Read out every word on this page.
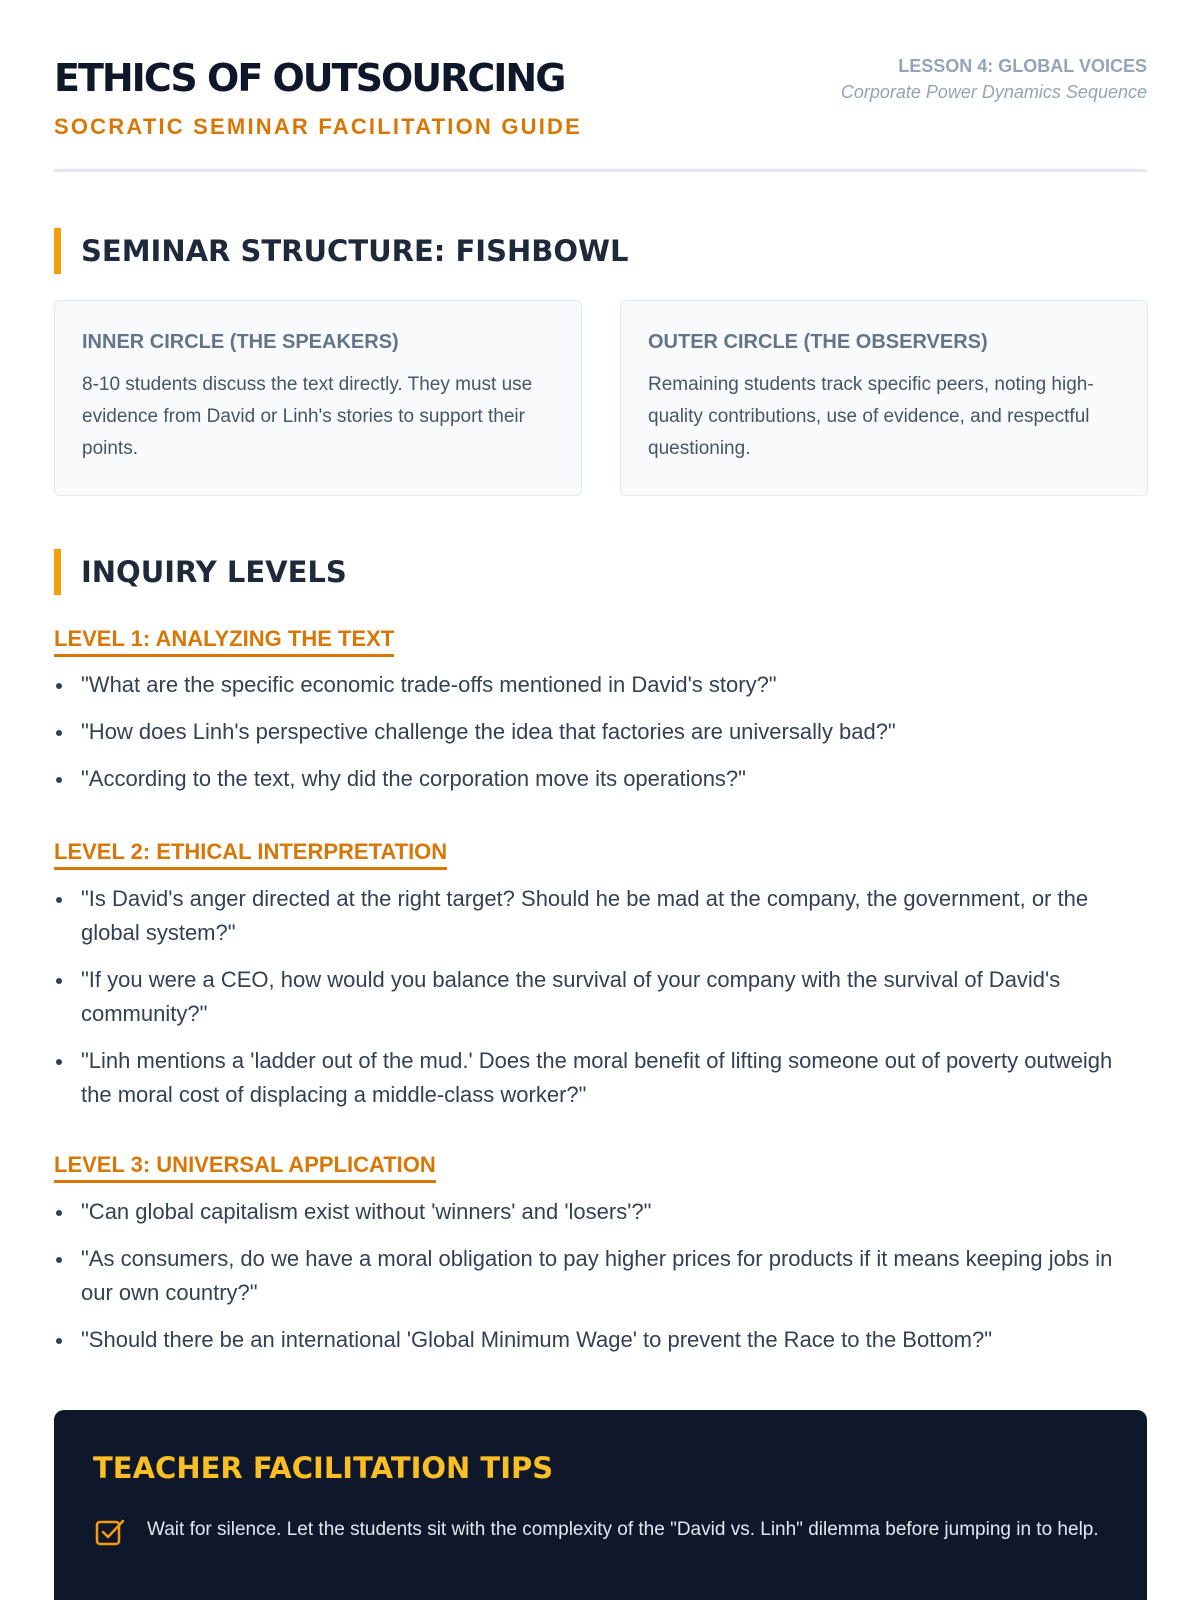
ETHICS OF OUTSOURCING
SOCRATIC SEMINAR FACILITATION GUIDE
LESSON 4: GLOBAL VOICES
Corporate Power Dynamics Sequence
SEMINAR STRUCTURE: FISHBOWL
INNER CIRCLE (THE SPEAKERS)

8-10 students discuss the text directly. They must use evidence from David or Linh's stories to support their points.

OUTER CIRCLE (THE OBSERVERS)

Remaining students track specific peers, noting high-quality contributions, use of evidence, and respectful questioning.

INQUIRY LEVELS
LEVEL 1: ANALYZING THE TEXT
"What are the specific economic trade-offs mentioned in David's story?"
"How does Linh's perspective challenge the idea that factories are universally bad?"
"According to the text, why did the corporation move its operations?"
LEVEL 2: ETHICAL INTERPRETATION
"Is David's anger directed at the right target? Should he be mad at the company, the government, or the global system?"
"If you were a CEO, how would you balance the survival of your company with the survival of David's community?"
"Linh mentions a 'ladder out of the mud.' Does the moral benefit of lifting someone out of poverty outweigh the moral cost of displacing a middle-class worker?"
LEVEL 3: UNIVERSAL APPLICATION
"Can global capitalism exist without 'winners' and 'losers'?"
"As consumers, do we have a moral obligation to pay higher prices for products if it means keeping jobs in our own country?"
"Should there be an international 'Global Minimum Wage' to prevent the Race to the Bottom?"
TEACHER FACILITATION TIPS
Wait for silence. Let the students sit with the complexity of the "David vs. Linh" dilemma before jumping in to help.
